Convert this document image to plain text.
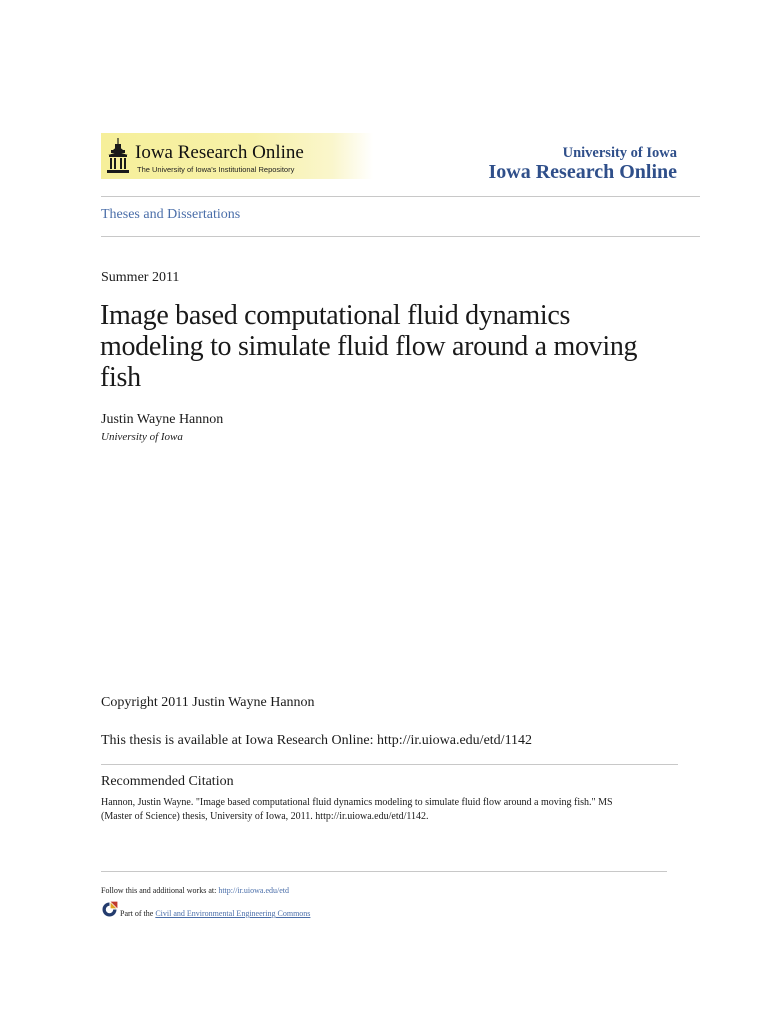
Iowa Research Online
The University of Iowa's Institutional Repository
University of Iowa
Iowa Research Online
Theses and Dissertations
Summer 2011
Image based computational fluid dynamics modeling to simulate fluid flow around a moving fish
Justin Wayne Hannon
University of Iowa
Copyright 2011 Justin Wayne Hannon
This thesis is available at Iowa Research Online: http://ir.uiowa.edu/etd/1142
Recommended Citation
Hannon, Justin Wayne. "Image based computational fluid dynamics modeling to simulate fluid flow around a moving fish." MS (Master of Science) thesis, University of Iowa, 2011. http://ir.uiowa.edu/etd/1142.
Follow this and additional works at: http://ir.uiowa.edu/etd
Part of the Civil and Environmental Engineering Commons
